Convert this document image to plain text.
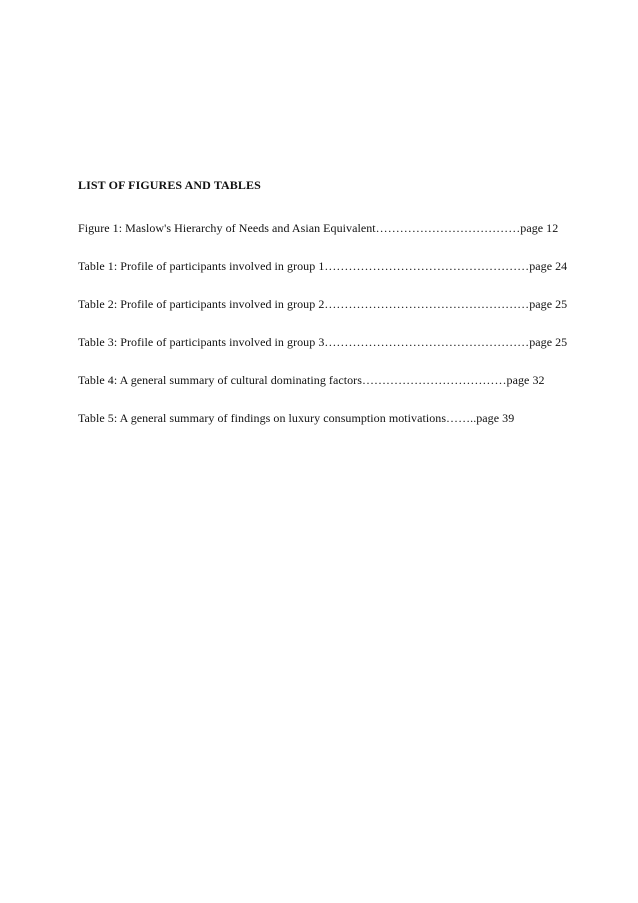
LIST OF FIGURES AND TABLES
Figure 1: Maslow's Hierarchy of Needs and Asian Equivalent………………………………page 12
Table 1: Profile of participants involved in group 1……………………………………………page 24
Table 2: Profile of participants involved in group 2……………………………………………page 25
Table 3: Profile of participants involved in group 3……………………………………………page 25
Table 4: A general summary of cultural dominating factors………………………………page 32
Table 5: A general summary of findings on luxury consumption motivations……..page 39
